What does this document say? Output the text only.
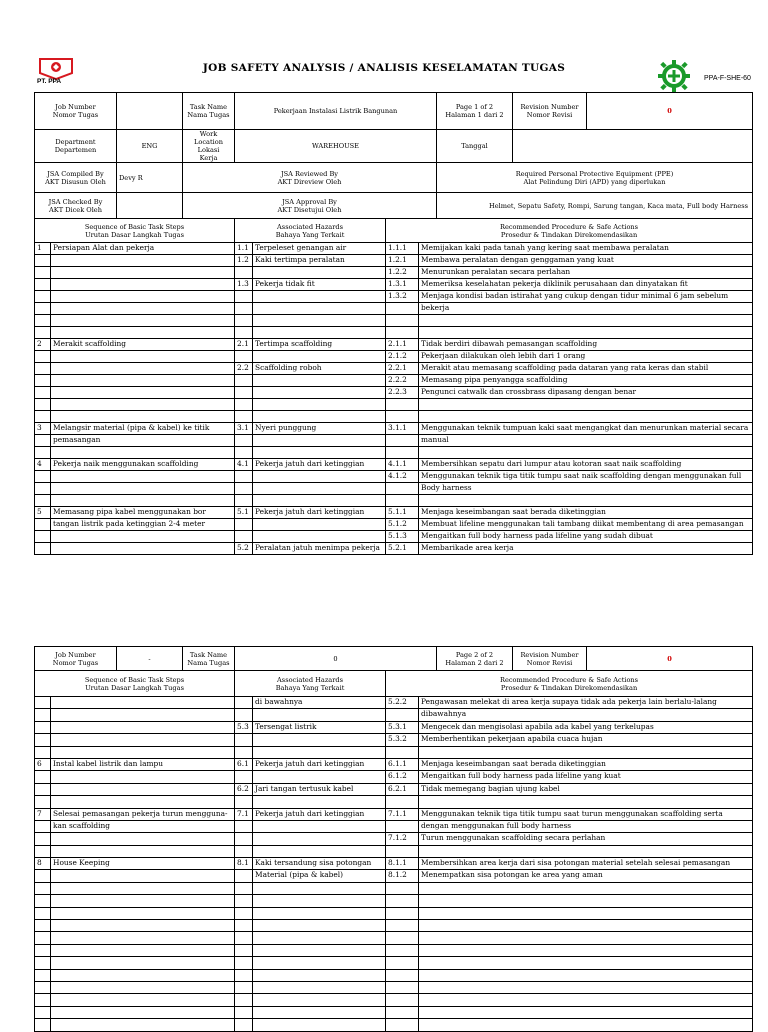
PT. PPA
JOB SAFETY ANALYSIS / ANALISIS KESELAMATAN TUGAS
PPA-F-SHE-60
Job Number
Nomor Tugas		Task Name
Nama Tugas	Pekerjaan Instalasi Listrik Bangunan	Page 1 of 2
Halaman 1 dari 2	Revision Number
Nomor Revisi	0
Department
Departemen	ENG	Work Location Lokasi
Kerja	WAREHOUSE	Tanggal		
JSA Compiled By
AKT Disusun Oleh	Devy R	JSA Reviewed By
AKT Direview Oleh		Required Personal Protective Equipment (PPE)
Alat Pelindung Diri (APD) yang diperlukan		
JSA Checked By
AKT Dicek Oleh		JSA Approval By
AKT Disetujui Oleh		Helmet, Sepatu Safety, Rompi, Sarung tangan, Kaca mata, Full body Harness		
Sequence of Basic Task Steps
Urutan Dasar Langkah Tugas		Associated Hazards
Bahaya Yang Terkait		Recommended Procedure & Safe Actions
Prosedur & Tindakan Direkomendasikan	
1	Persiapan Alat dan pekerja	1.1	Terpeleset genangan air	1.1.1	Memijakan kaki pada tanah yang kering saat membawa peralatan
		1.2	Kaki tertimpa peralatan	1.2.1	Membawa peralatan dengan genggaman yang kuat
				1.2.2	Menurunkan peralatan secara perlahan
		1.3	Pekerja tidak fit	1.3.1	Memeriksa keselahatan pekerja diklinik perusahaan dan dinyatakan fit
				1.3.2	Menjaga kondisi badan istirahat yang cukup dengan tidur minimal 6 jam sebelum
					bekerja

2	Merakit scaffolding	2.1	Tertimpa scaffolding	2.1.1	Tidak berdiri dibawah pemasangan scaffolding
				2.1.2	Pekerjaan dilakukan oleh lebih dari 1 orang
		2.2	Scaffolding roboh	2.2.1	Merakit atau memasang scaffolding pada dataran yang rata keras dan stabil
				2.2.2	Memasang pipa penyangga scaffolding
				2.2.3	Pengunci catwalk dan crossbrass dipasang dengan benar

3	Melangsir material (pipa & kabel) ke titik	3.1	Nyeri punggung	3.1.1	Menggunakan teknik tumpuan kaki saat mengangkat dan menurunkan material secara
	pemasangan				manual

4	Pekerja naik menggunakan scaffolding	4.1	Pekerja jatuh dari ketinggian	4.1.1	Membersihkan sepatu dari lumpur atau kotoran saat naik scaffolding
				4.1.2	Menggunakan teknik tiga titik tumpu saat naik scaffolding dengan menggunakan full
					Body harness

5	Memasang pipa kabel menggunakan bor	5.1	Pekerja jatuh dari ketinggian	5.1.1	Menjaga keseimbangan saat berada diketinggian
	tangan listrik pada ketinggian 2-4 meter			5.1.2	Membuat lifeline menggunakan tali tambang diikat membentang di area pemasangan
				5.1.3	Mengaitkan full body harness pada lifeline yang sudah dibuat
		5.2	Peralatan jatuh menimpa pekerja	5.2.1	Membarikade area kerja
Job Number
Nomor Tugas	-	Task Name
Nama Tugas	0	Page 2 of 2
Halaman 2 dari 2	Revision Number
Nomor Revisi	0
Sequence of Basic Task Steps
Urutan Dasar Langkah Tugas		Associated Hazards
Bahaya Yang Terkait		Recommended Procedure & Safe Actions
Prosedur & Tindakan Direkomendasikan	
			di bawahnya	5.2.2	Pengawasan melekat di area kerja supaya tidak ada pekerja lain berlalu-lalang
					dibawahnya
		5.3	Tersengat listrik	5.3.1	Mengecek dan mengisolasi apabila ada kabel yang terkelupas
				5.3.2	Memberhentikan pekerjaan apabila cuaca hujan

6	Instal kabel listrik dan lampu	6.1	Pekerja jatuh dari ketinggian	6.1.1	Menjaga keseimbangan saat berada diketinggian
				6.1.2	Mengaitkan full body harness pada lifeline yang kuat
		6.2	Jari tangan tertusuk kabel	6.2.1	Tidak memegang bagian ujung kabel

7	Selesai pemasangan pekerja turun mengguna-	7.1	Pekerja jatuh dari ketinggian	7.1.1	Menggunakan teknik tiga titik tumpu saat turun menggunakan scaffolding serta
	kan scaffolding				dengan menggunakan full body harness
				7.1.2	Turun menggunakan scaffolding secara perlahan

8	House Keeping	8.1	Kaki tersandung sisa potongan	8.1.1	Membersihkan area kerja dari sisa potongan material setelah selesai pemasangan
			Material (pipa & kabel)	8.1.2	Menempatkan sisa potongan ke area yang aman
